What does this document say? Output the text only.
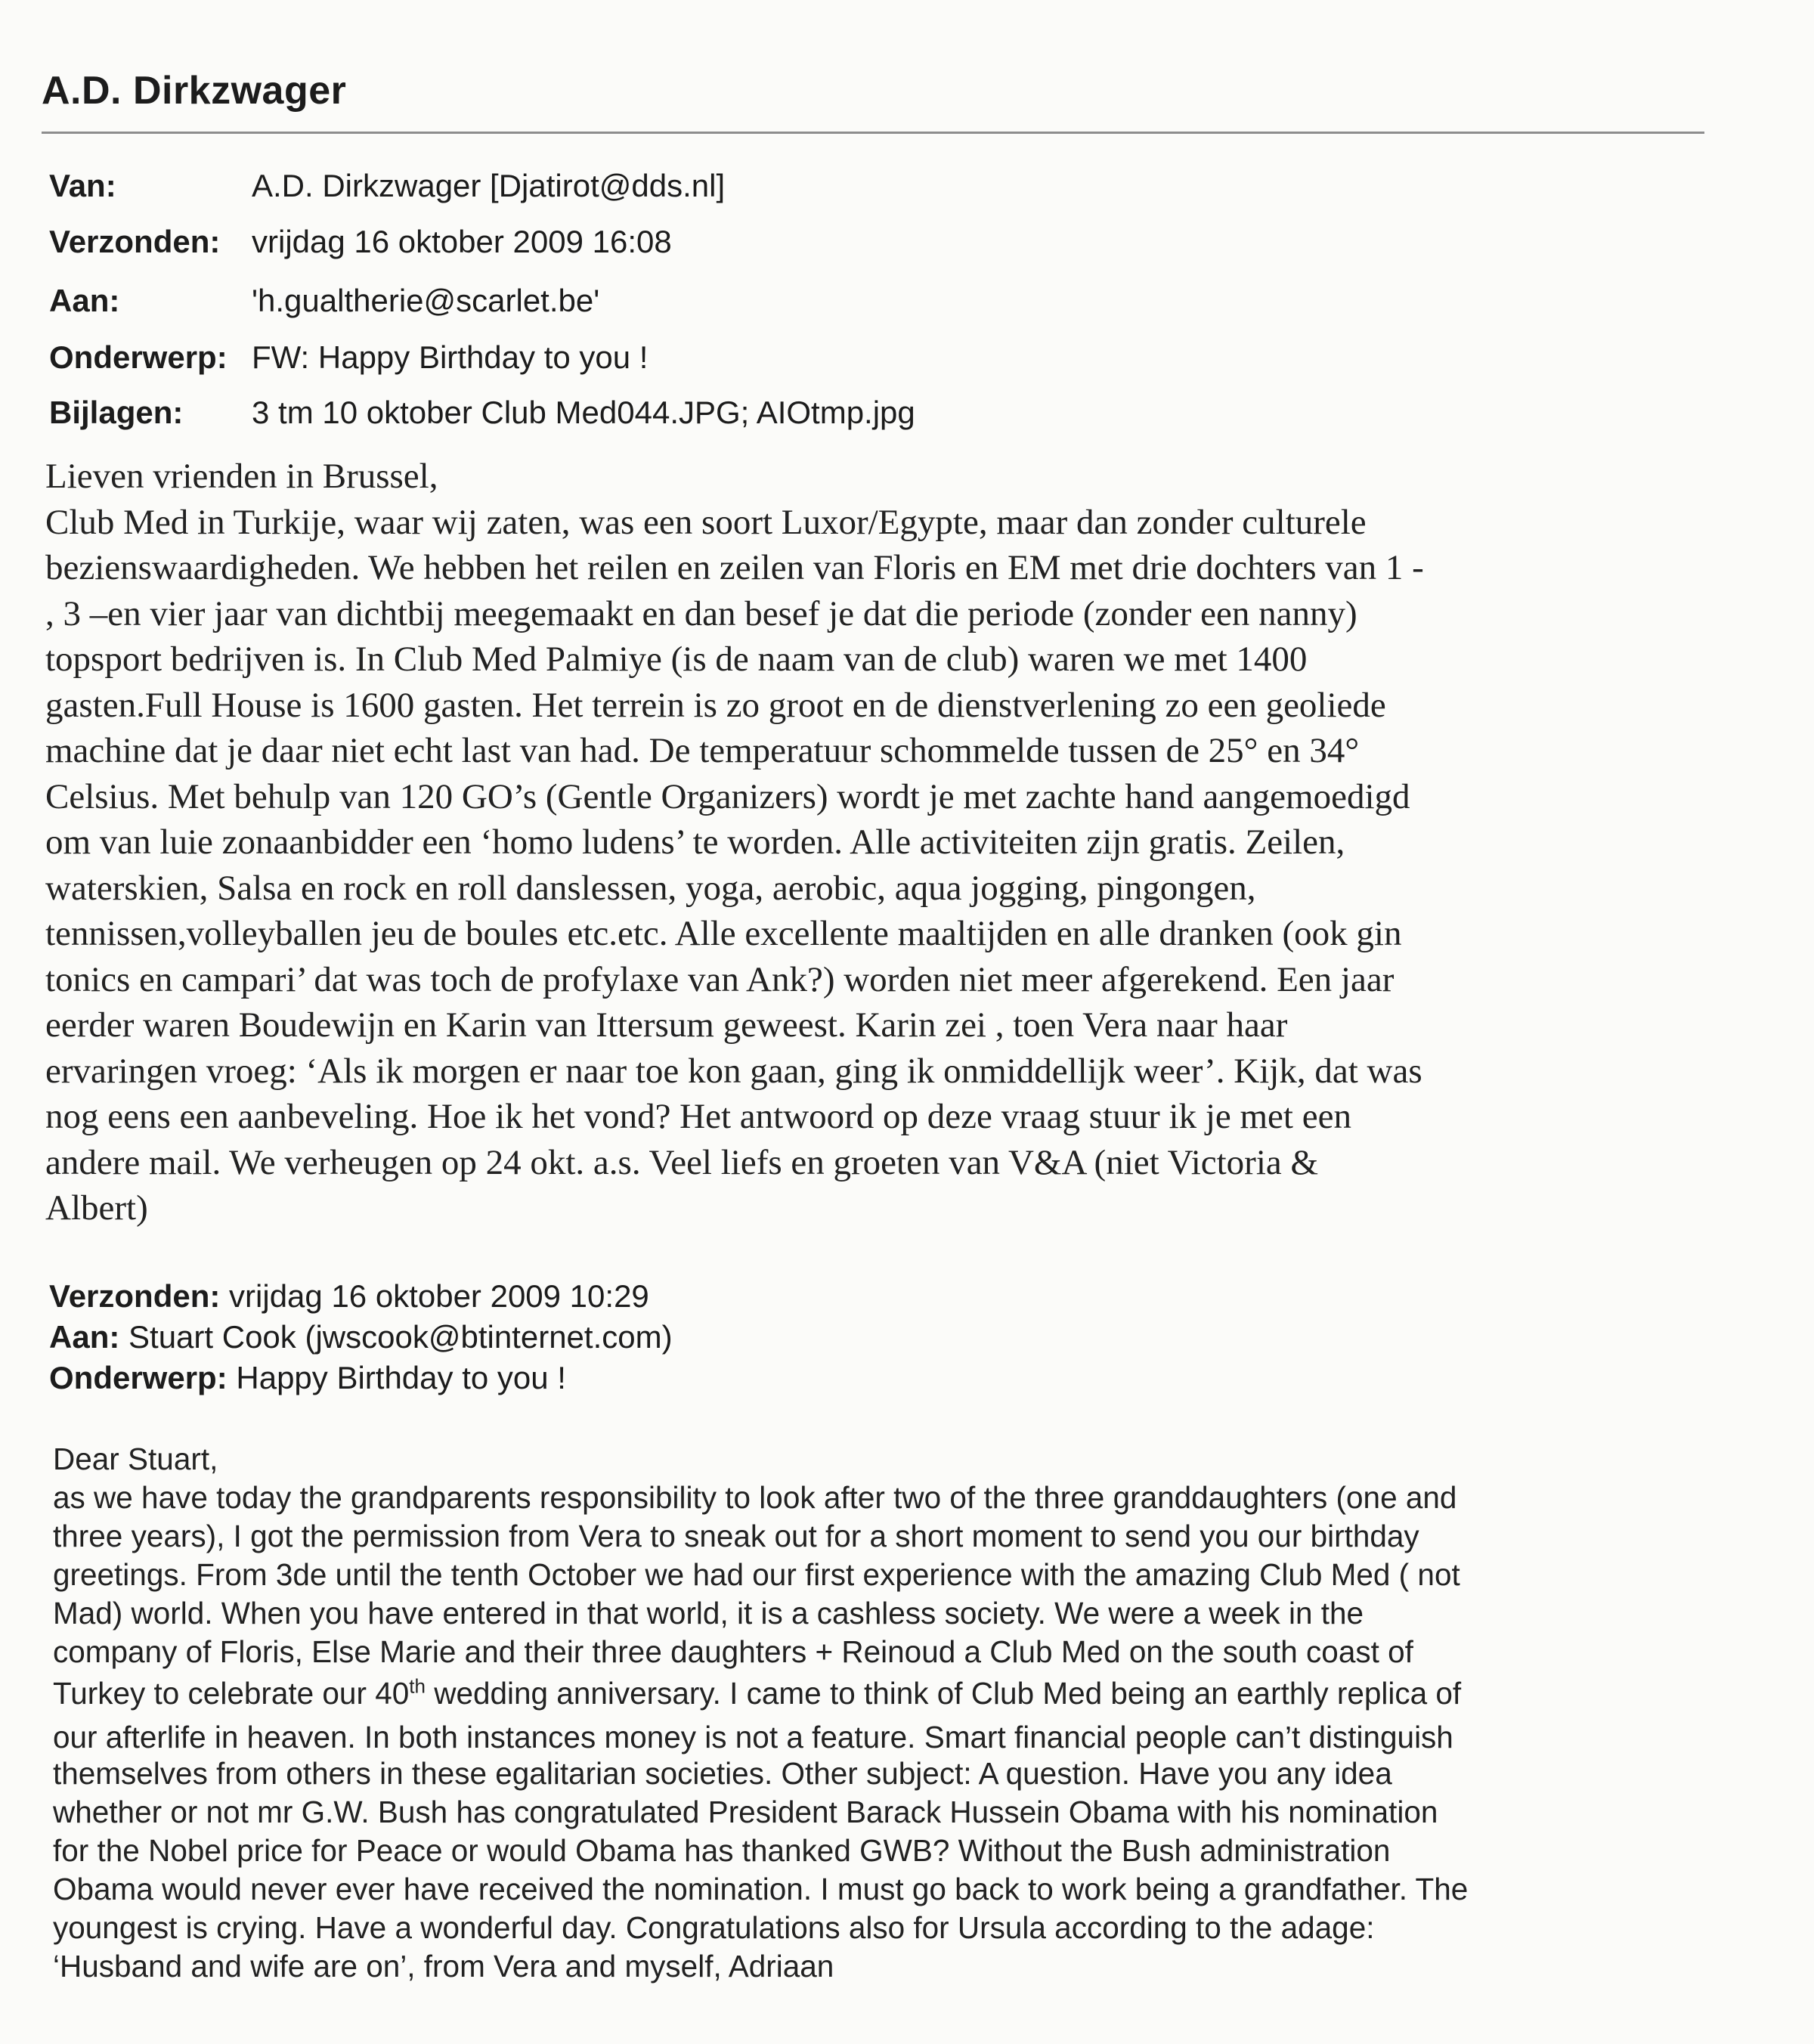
A.D. Dirkzwager
Van:	A.D. Dirkzwager [Djatirot@dds.nl]
Verzonden: vrijdag 16 oktober 2009 16:08
Aan:	'h.gualtherie@scarlet.be'
Onderwerp: FW: Happy Birthday to you !
Bijlagen: 3 tm 10 oktober Club Med044.JPG; AIOtmp.jpg
Lieven vrienden in Brussel,
Club Med in Turkije, waar wij zaten, was een soort Luxor/Egypte, maar dan zonder culturele
bezienswaardigheden. We hebben het reilen en zeilen van Floris en EM met drie dochters van 1 -
, 3 –en vier jaar van dichtbij meegemaakt en dan besef je dat die periode (zonder een nanny)
topsport bedrijven is. In Club Med Palmiye (is de naam van de club) waren we met 1400
gasten.Full House is 1600 gasten. Het terrein is zo groot en de dienstverlening zo een geoliede
machine dat je daar niet echt last van had. De temperatuur schommelde tussen de 25° en 34°
Celsius. Met behulp van 120 GO’s (Gentle Organizers) wordt je met zachte hand aangemoedigd
om van luie zonaanbidder een ‘homo ludens’ te worden. Alle activiteiten zijn gratis. Zeilen,
waterskien, Salsa en rock en roll danslessen, yoga, aerobic, aqua jogging, pingongen,
tennissen,volleyballen jeu de boules etc.etc. Alle excellente maaltijden en alle dranken (ook gin
tonics en campari’ dat was toch de profylaxe van Ank?) worden niet meer afgerekend. Een jaar
eerder waren Boudewijn en Karin van Ittersum geweest. Karin zei , toen Vera naar haar
ervaringen vroeg: ‘Als ik morgen er naar toe kon gaan, ging ik onmiddellijk weer’. Kijk, dat was
nog eens een aanbeveling. Hoe ik het vond? Het antwoord op deze vraag stuur ik je met een
andere mail. We verheugen op 24 okt. a.s. Veel liefs en groeten van V&A (niet Victoria &
Albert)
Verzonden: vrijdag 16 oktober 2009 10:29
Aan: Stuart Cook (jwscook@btinternet.com)
Onderwerp: Happy Birthday to you !
Dear Stuart,
as we have today the grandparents responsibility to look after two of the three granddaughters (one and
three years), I got the permission from Vera to sneak out for a short moment to send you our birthday
greetings. From 3de until the tenth October we had our first experience with the amazing Club Med ( not
Mad) world. When you have entered in that world, it is a cashless society. We were a week in the
company of Floris, Else Marie and their three daughters + Reinoud a Club Med on the south coast of
Turkey to celebrate our 40th wedding anniversary. I came to think of Club Med being an earthly replica of
our afterlife in heaven. In both instances money is not a feature. Smart financial people can’t distinguish
themselves from others in these egalitarian societies. Other subject: A question. Have you any idea
whether or not mr G.W. Bush has congratulated President Barack Hussein Obama with his nomination
for the Nobel price for Peace or would Obama has thanked GWB? Without the Bush administration
Obama would never ever have received the nomination. I must go back to work being a grandfather. The
youngest is crying. Have a wonderful day. Congratulations also for Ursula according to the adage:
‘Husband and wife are on’, from Vera and myself, Adriaan
